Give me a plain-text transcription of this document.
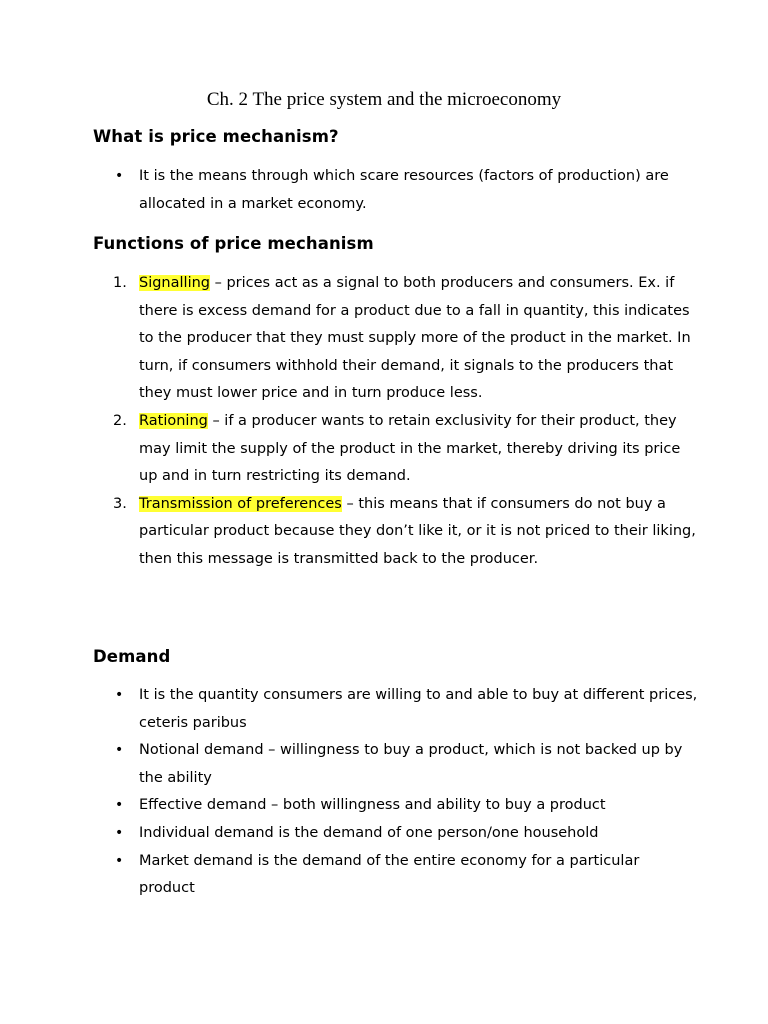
Ch. 2 The price system and the microeconomy
What is price mechanism?
• It is the means through which scare resources (factors of production) are allocated in a market economy.
Functions of price mechanism
1. Signalling – prices act as a signal to both producers and consumers. Ex. if there is excess demand for a product due to a fall in quantity, this indicates to the producer that they must supply more of the product in the market. In turn, if consumers withhold their demand, it signals to the producers that they must lower price and in turn produce less.
2. Rationing – if a producer wants to retain exclusivity for their product, they may limit the supply of the product in the market, thereby driving its price up and in turn restricting its demand.
3. Transmission of preferences – this means that if consumers do not buy a particular product because they don’t like it, or it is not priced to their liking, then this message is transmitted back to the producer.
Demand
• It is the quantity consumers are willing to and able to buy at different prices, ceteris paribus
• Notional demand – willingness to buy a product, which is not backed up by the ability
• Effective demand – both willingness and ability to buy a product
• Individual demand is the demand of one person/one household
• Market demand is the demand of the entire economy for a particular product
